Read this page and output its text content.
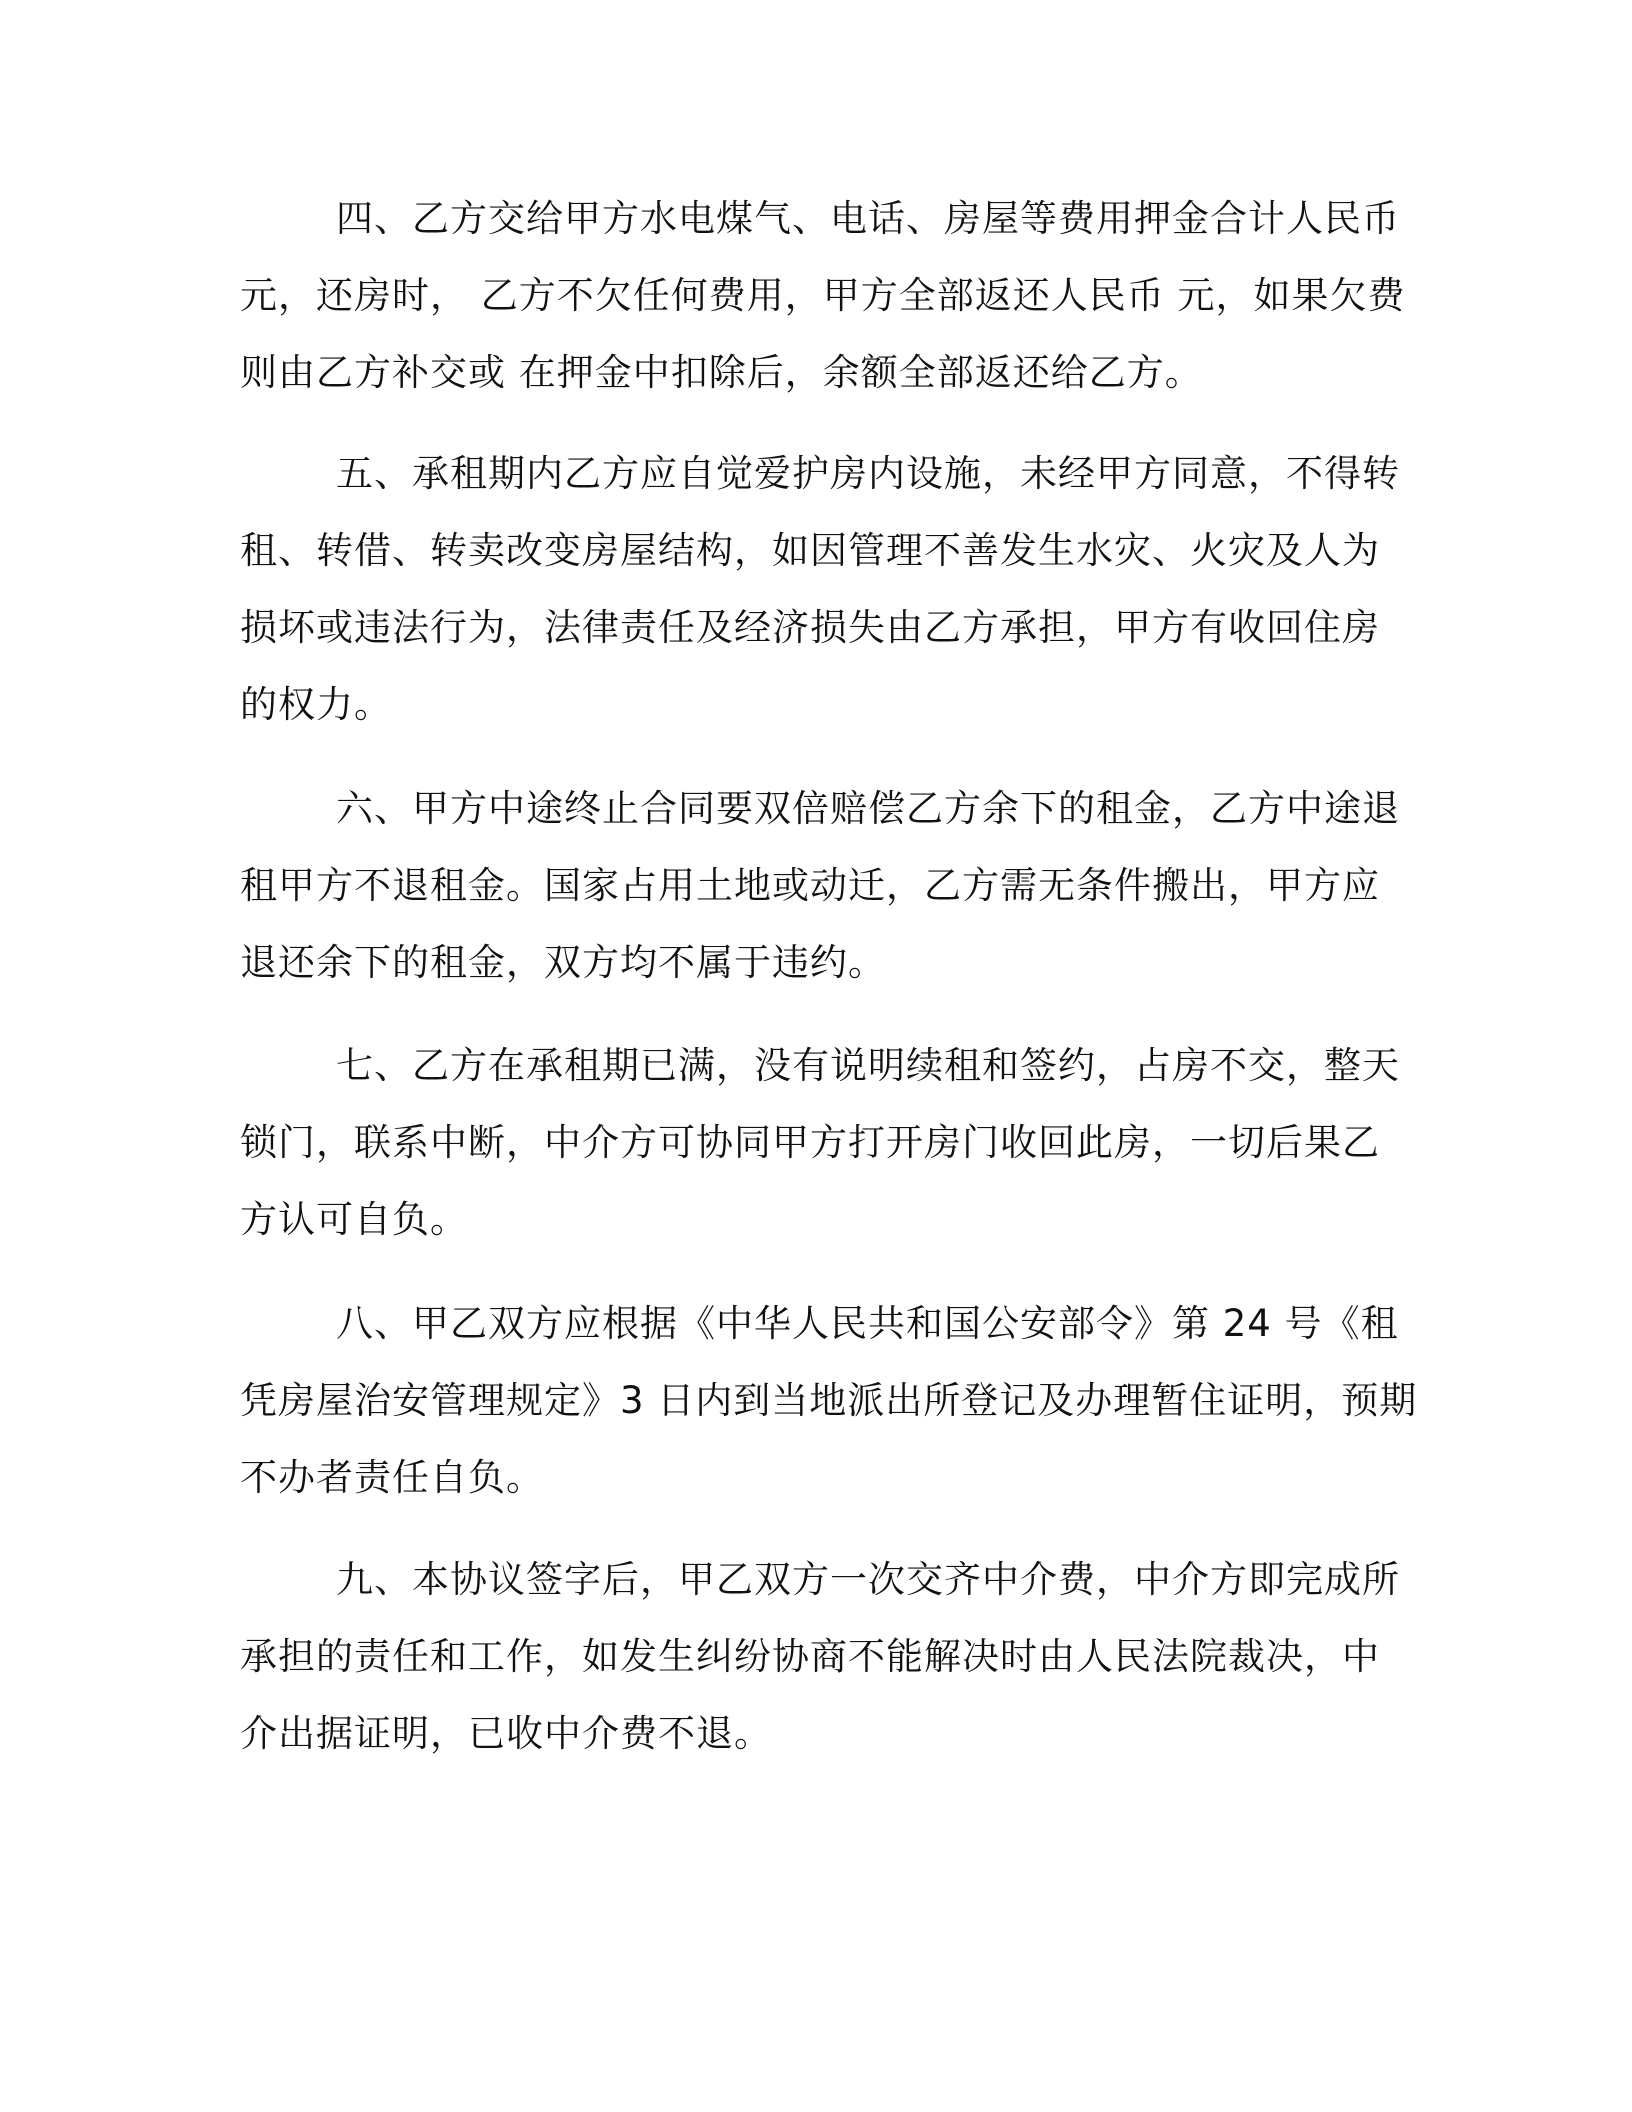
四、乙方交给甲方水电煤气、电话、房屋等费用押金合计人民币
元，还房时， 乙方不欠任何费用，甲方全部返还人民币 元，如果欠费
则由乙方补交或 在押金中扣除后，余额全部返还给乙方。
五、承租期内乙方应自觉爱护房内设施，未经甲方同意，不得转
租、转借、转卖改变房屋结构，如因管理不善发生水灾、火灾及人为
损坏或违法行为，法律责任及经济损失由乙方承担，甲方有收回住房
的权力。
六、甲方中途终止合同要双倍赔偿乙方余下的租金，乙方中途退
租甲方不退租金。国家占用土地或动迁，乙方需无条件搬出，甲方应
退还余下的租金，双方均不属于违约。
七、乙方在承租期已满，没有说明续租和签约，占房不交，整天
锁门，联系中断，中介方可协同甲方打开房门收回此房，一切后果乙
方认可自负。
八、甲乙双方应根据《中华人民共和国公安部令》第 24 号《租
凭房屋治安管理规定》3 日内到当地派出所登记及办理暂住证明，预期
不办者责任自负。
九、本协议签字后，甲乙双方一次交齐中介费，中介方即完成所
承担的责任和工作，如发生纠纷协商不能解决时由人民法院裁决，中
介出据证明，已收中介费不退。
